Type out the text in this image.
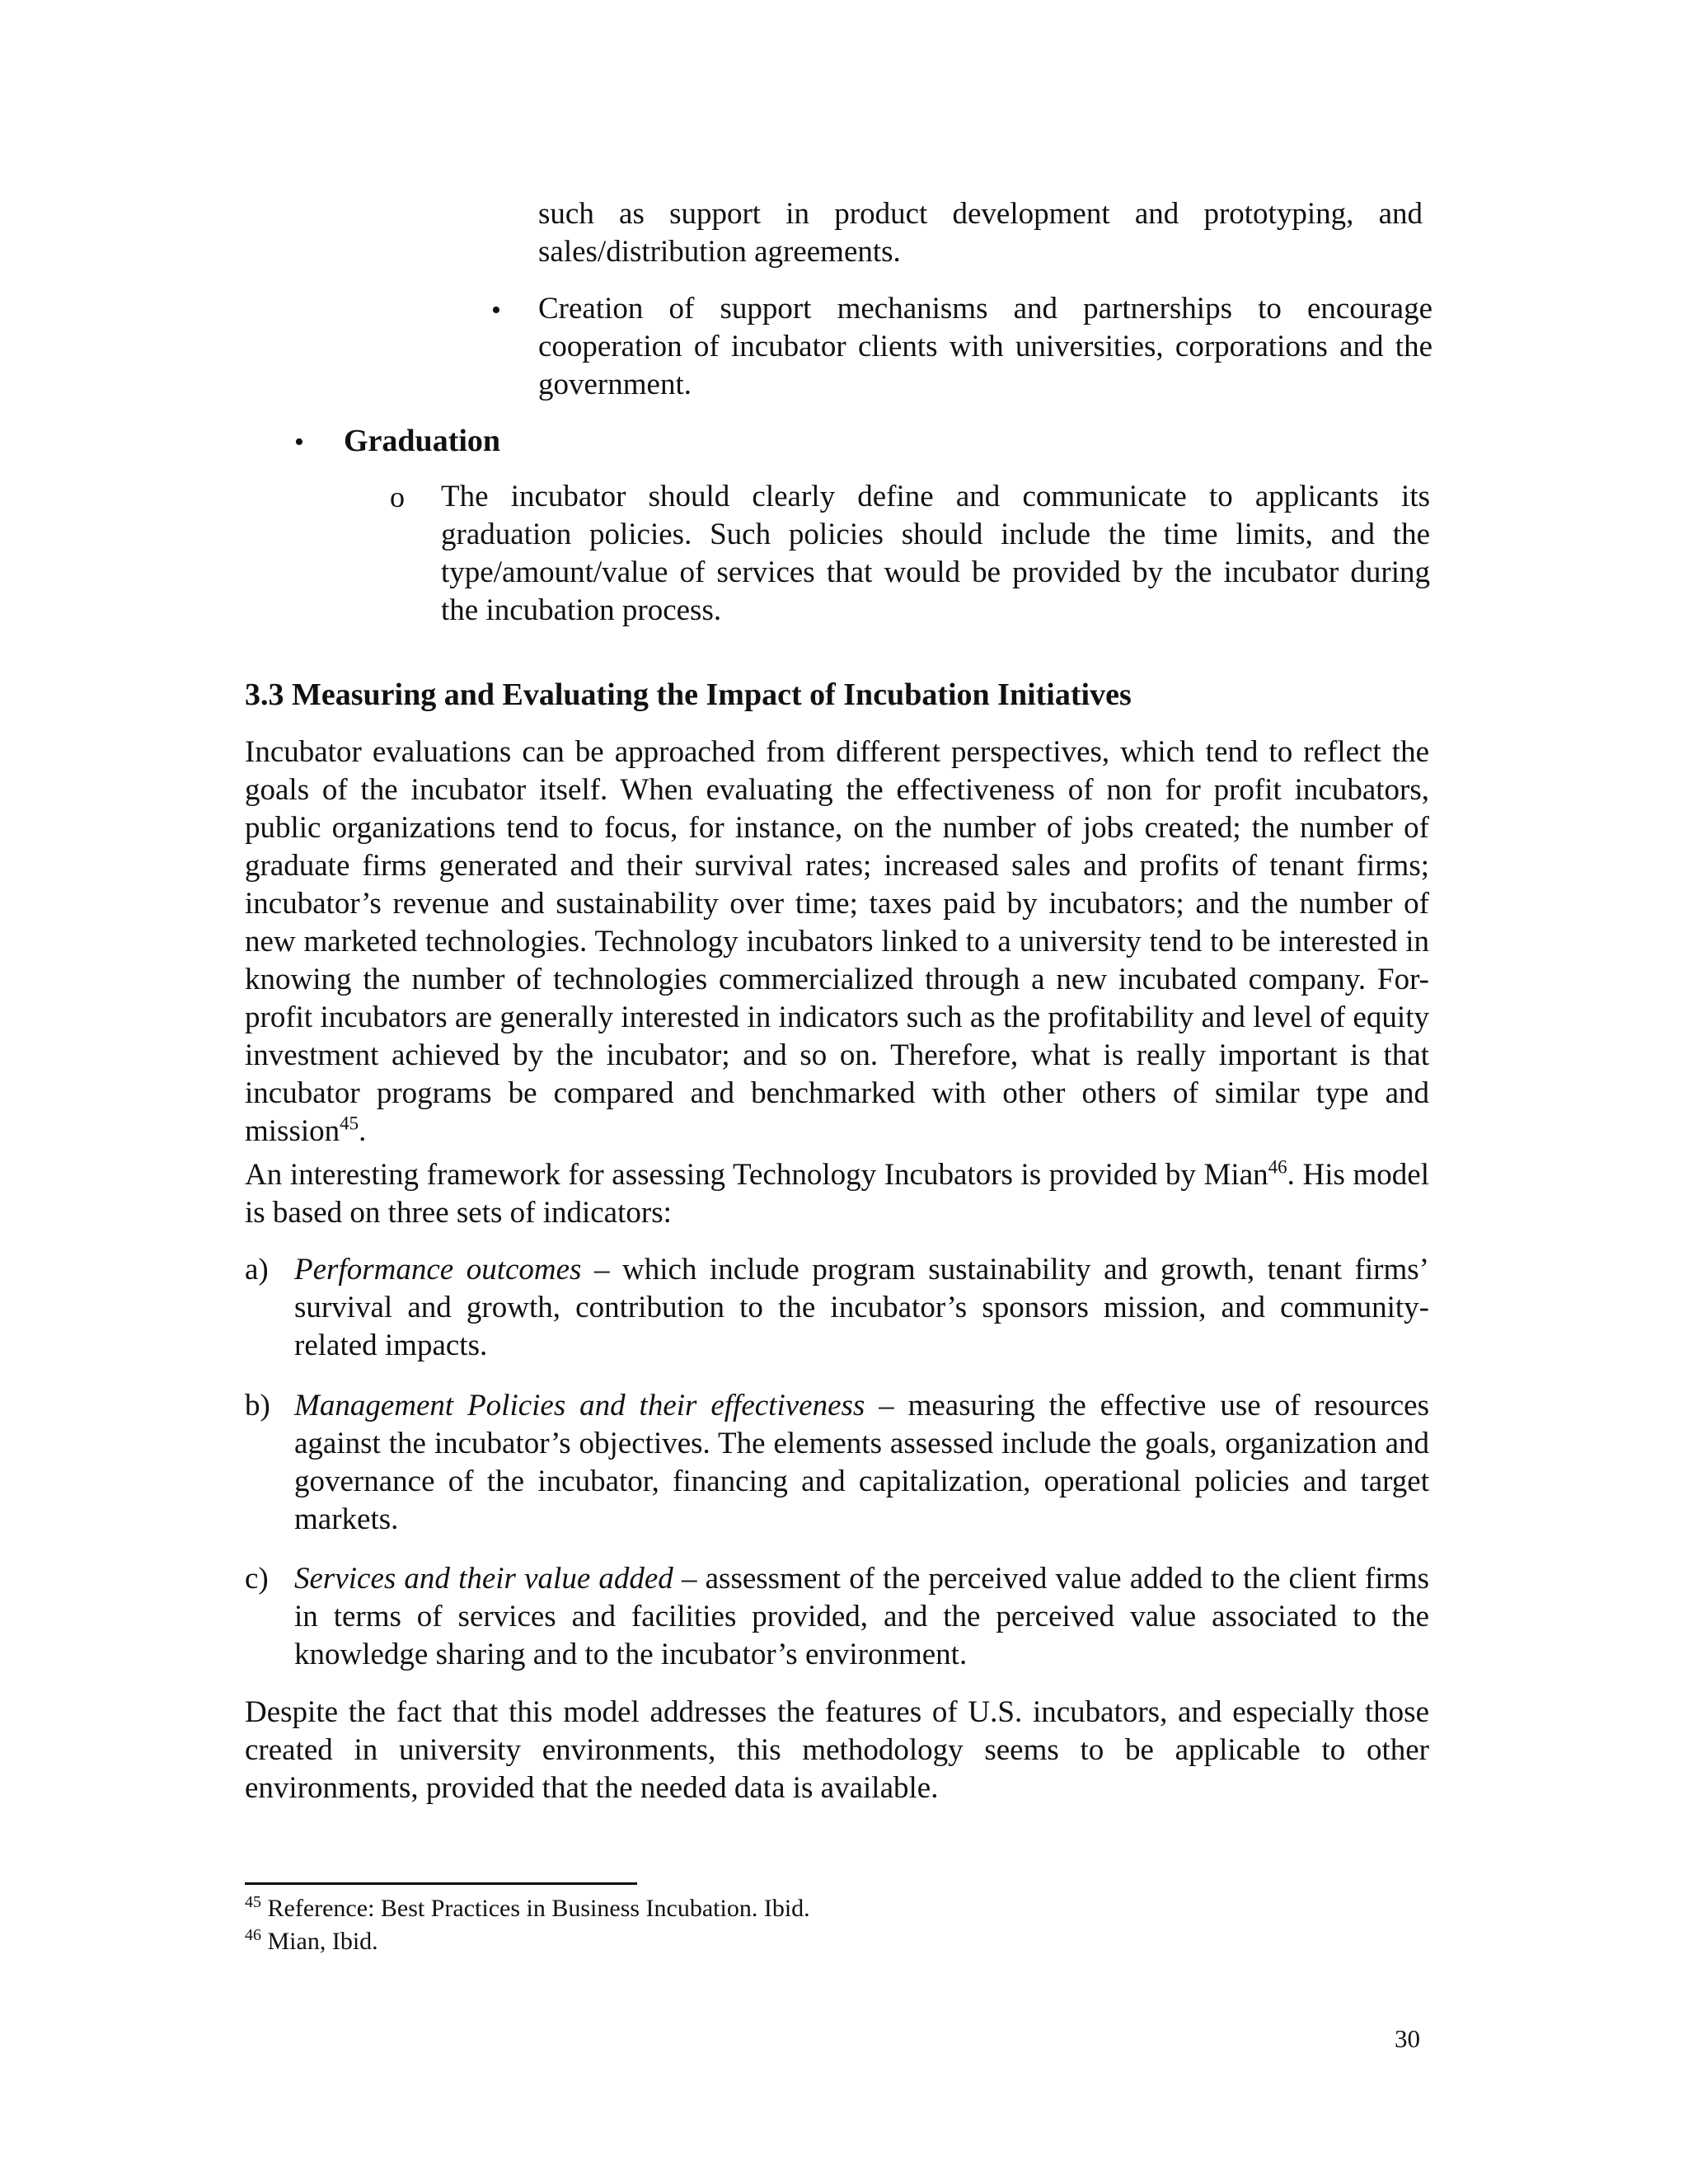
such as support in product development and prototyping, and sales/distribution agreements.
• Creation of support mechanisms and partnerships to encourage cooperation of incubator clients with universities, corporations and the government.
• Graduation
o The incubator should clearly define and communicate to applicants its graduation policies. Such policies should include the time limits, and the type/amount/value of services that would be provided by the incubator during the incubation process.
3.3 Measuring and Evaluating the Impact of Incubation Initiatives
Incubator evaluations can be approached from different perspectives, which tend to reflect the goals of the incubator itself. When evaluating the effectiveness of non for profit incubators, public organizations tend to focus, for instance, on the number of jobs created; the number of graduate firms generated and their survival rates; increased sales and profits of tenant firms; incubator’s revenue and sustainability over time; taxes paid by incubators; and the number of new marketed technologies. Technology incubators linked to a university tend to be interested in knowing the number of technologies commercialized through a new incubated company. For-profit incubators are generally interested in indicators such as the profitability and level of equity investment achieved by the incubator; and so on. Therefore, what is really important is that incubator programs be compared and benchmarked with other others of similar type and mission$^{45}$.
An interesting framework for assessing Technology Incubators is provided by Mian$^{46}$. His model is based on three sets of indicators:
a) Performance outcomes – which include program sustainability and growth, tenant firms’ survival and growth, contribution to the incubator’s sponsors mission, and community-related impacts.
b) Management Policies and their effectiveness – measuring the effective use of resources against the incubator’s objectives. The elements assessed include the goals, organization and governance of the incubator, financing and capitalization, operational policies and target markets.
c) Services and their value added – assessment of the perceived value added to the client firms in terms of services and facilities provided, and the perceived value associated to the knowledge sharing and to the incubator’s environment.
Despite the fact that this model addresses the features of U.S. incubators, and especially those created in university environments, this methodology seems to be applicable to other environments, provided that the needed data is available.
$^{45}$ Reference: Best Practices in Business Incubation. Ibid.
$^{46}$ Mian, Ibid.
30
